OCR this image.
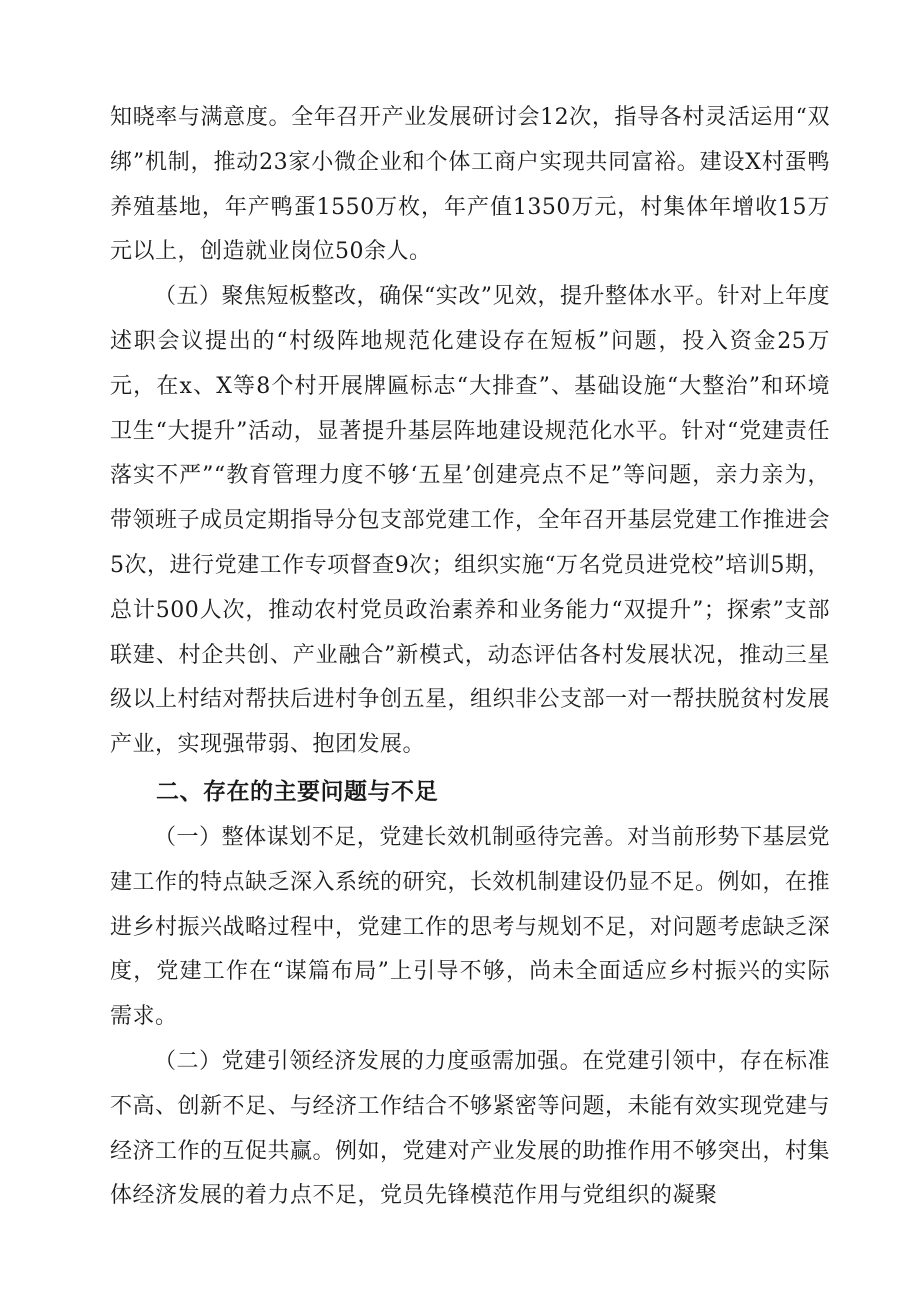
知晓率与满意度。全年召开产业发展研讨会12次，指导各村灵活运用“双绑”机制，推动23家小微企业和个体工商户实现共同富裕。建设X村蛋鸭养殖基地，年产鸭蛋1550万枚，年产值1350万元，村集体年增收15万元以上，创造就业岗位50余人。

（五）聚焦短板整改，确保“实改”见效，提升整体水平。针对上年度述职会议提出的“村级阵地规范化建设存在短板”问题，投入资金25万元，在x、X等8个村开展牌匾标志“大排查”、基础设施“大整治”和环境卫生“大提升”活动，显著提升基层阵地建设规范化水平。针对“党建责任落实不严”“教育管理力度不够‘五星’创建亮点不足”等问题，亲力亲为，带领班子成员定期指导分包支部党建工作，全年召开基层党建工作推进会5次，进行党建工作专项督查9次；组织实施“万名党员进党校”培训5期，总计500人次，推动农村党员政治素养和业务能力“双提升”；探索”支部联建、村企共创、产业融合”新模式，动态评估各村发展状况，推动三星级以上村结对帮扶后进村争创五星，组织非公支部一对一帮扶脱贫村发展产业，实现强带弱、抱团发展。

二、存在的主要问题与不足

（一）整体谋划不足，党建长效机制亟待完善。对当前形势下基层党建工作的特点缺乏深入系统的研究，长效机制建设仍显不足。例如，在推进乡村振兴战略过程中，党建工作的思考与规划不足，对问题考虑缺乏深度，党建工作在“谋篇布局”上引导不够，尚未全面适应乡村振兴的实际需求。

（二）党建引领经济发展的力度亟需加强。在党建引领中，存在标准不高、创新不足、与经济工作结合不够紧密等问题，未能有效实现党建与经济工作的互促共赢。例如，党建对产业发展的助推作用不够突出，村集体经济发展的着力点不足，党员先锋模范作用与党组织的凝聚
